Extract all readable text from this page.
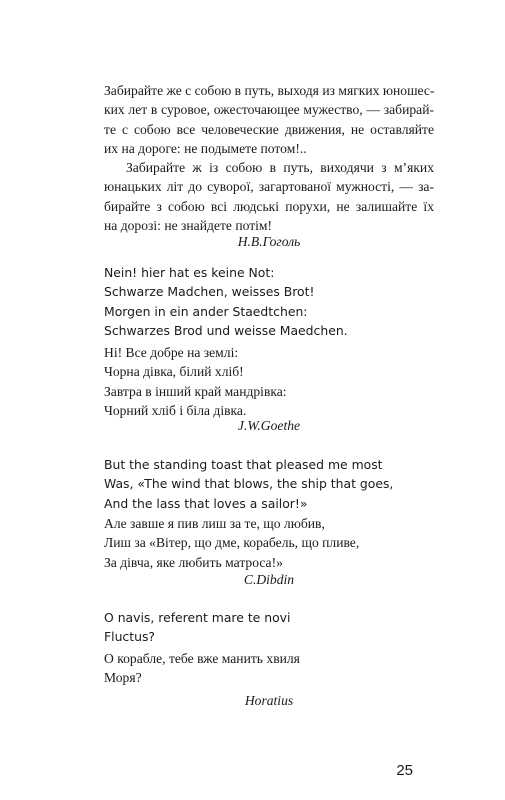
Забирайте же с собою в путь, выходя из мягких юношес-
ких лет в суровое, ожесточающее мужество, — забирай-
те с собою все человеческие движения, не оставляйте
их на дороге: не подымете потом!..
Забирайте ж із собою в путь, виходячи з м’яких
юнацьких літ до суворої, загартованої мужності, — за-
бирайте з собою всі людські порухи, не залишайте їх
на дорозі: не знайдете потім!
Н.В.Гоголь
Nein! hier hat es keine Not:
Schwarze Madchen, weisses Brot!
Morgen in ein ander Staedtchen:
Schwarzes Brod und weisse Maedchen.
Ні! Все добре на землі:
Чорна дівка, білий хліб!
Завтра в інший край мандрівка:
Чорний хліб і біла дівка.
J.W.Goethe
But the standing toast that pleased me most
Was, «The wind that blows, the ship that goes,
And the lass that loves a sailor!»
Але завше я пив лиш за те, що любив,
Лиш за «Вітер, що дме, корабель, що пливе,
За дівча, яке любить матроса!»
C.Dibdin
O navis, referent mare te novi
Fluctus?
О корабле, тебе вже манить хвиля
Моря?
Horatius
25
